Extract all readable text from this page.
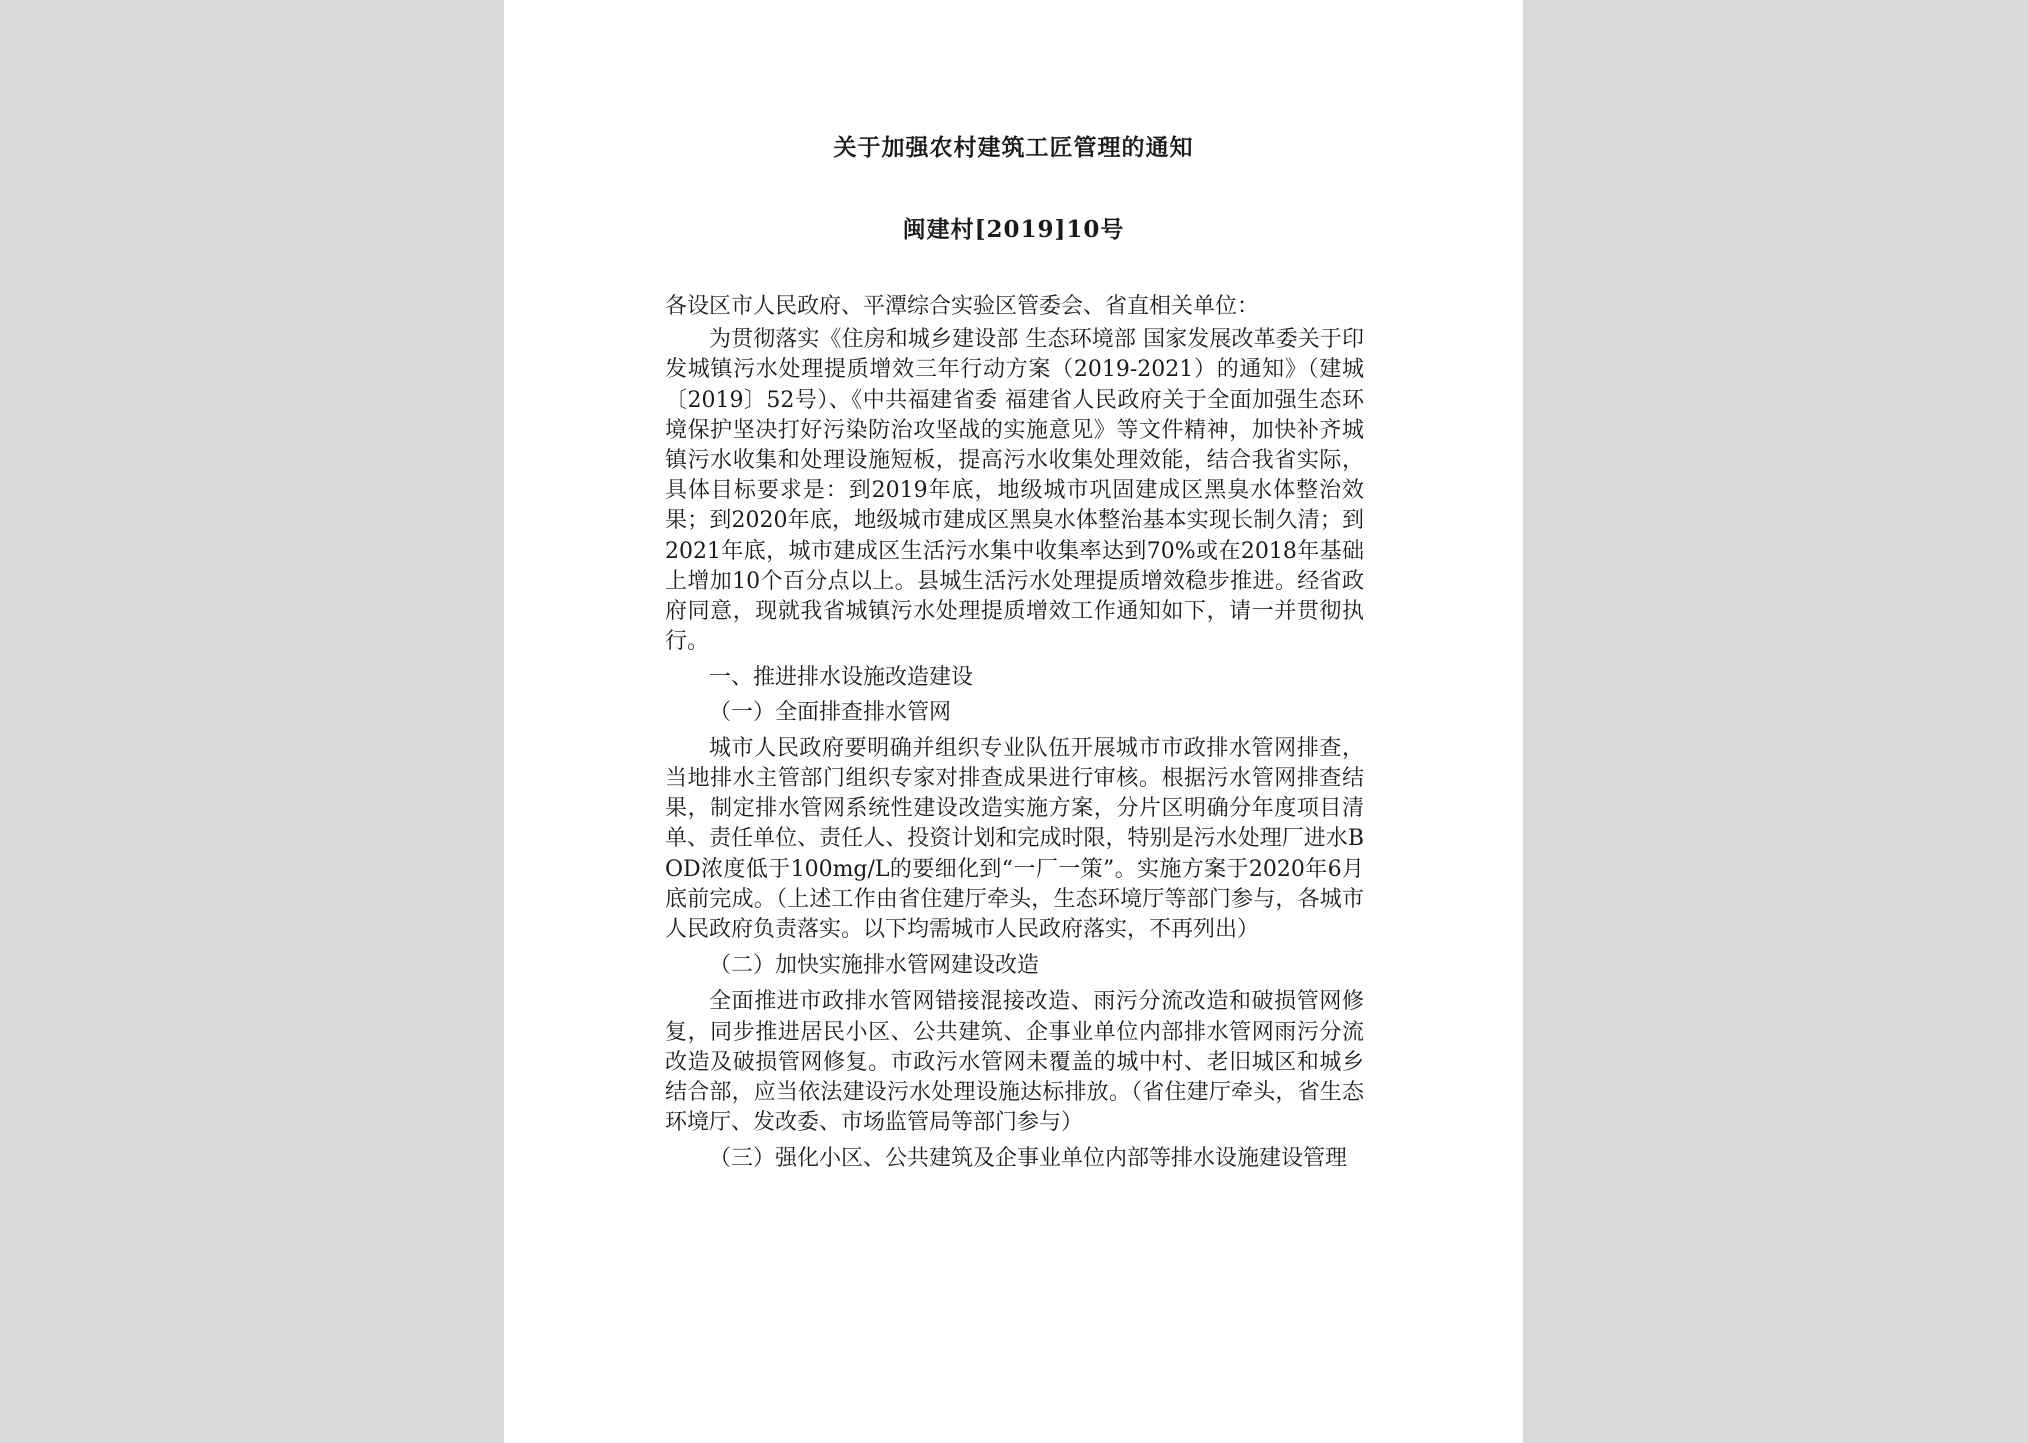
关于加强农村建筑工匠管理的通知
闽建村[2019]10号

各设区市人民政府、平潭综合实验区管委会、省直相关单位：

为贯彻落实《住房和城乡建设部 生态环境部 国家发展改革委关于印发城镇污水处理提质增效三年行动方案（2019-2021）的通知》（建城〔2019〕52号）、《中共福建省委 福建省人民政府关于全面加强生态环境保护坚决打好污染防治攻坚战的实施意见》等文件精神，加快补齐城镇污水收集和处理设施短板，提高污水收集处理效能，结合我省实际，具体目标要求是：到2019年底，地级城市巩固建成区黑臭水体整治效果；到2020年底，地级城市建成区黑臭水体整治基本实现长制久清；到2021年底，城市建成区生活污水集中收集率达到70%或在2018年基础上增加10个百分点以上。县城生活污水处理提质增效稳步推进。经省政府同意，现就我省城镇污水处理提质增效工作通知如下，请一并贯彻执行。

一、推进排水设施改造建设

（一）全面排查排水管网

城市人民政府要明确并组织专业队伍开展城市市政排水管网排查，当地排水主管部门组织专家对排查成果进行审核。根据污水管网排查结果，制定排水管网系统性建设改造实施方案，分片区明确分年度项目清单、责任单位、责任人、投资计划和完成时限，特别是污水处理厂进水BOD浓度低于100mg/L的要细化到“一厂一策”。实施方案于2020年6月底前完成。（上述工作由省住建厅牵头，生态环境厅等部门参与，各城市人民政府负责落实。以下均需城市人民政府落实，不再列出）

（二）加快实施排水管网建设改造

全面推进市政排水管网错接混接改造、雨污分流改造和破损管网修复，同步推进居民小区、公共建筑、企事业单位内部排水管网雨污分流改造及破损管网修复。市政污水管网未覆盖的城中村、老旧城区和城乡结合部，应当依法建设污水处理设施达标排放。（省住建厅牵头，省生态环境厅、发改委、市场监管局等部门参与）

（三）强化小区、公共建筑及企事业单位内部等排水设施建设管理
